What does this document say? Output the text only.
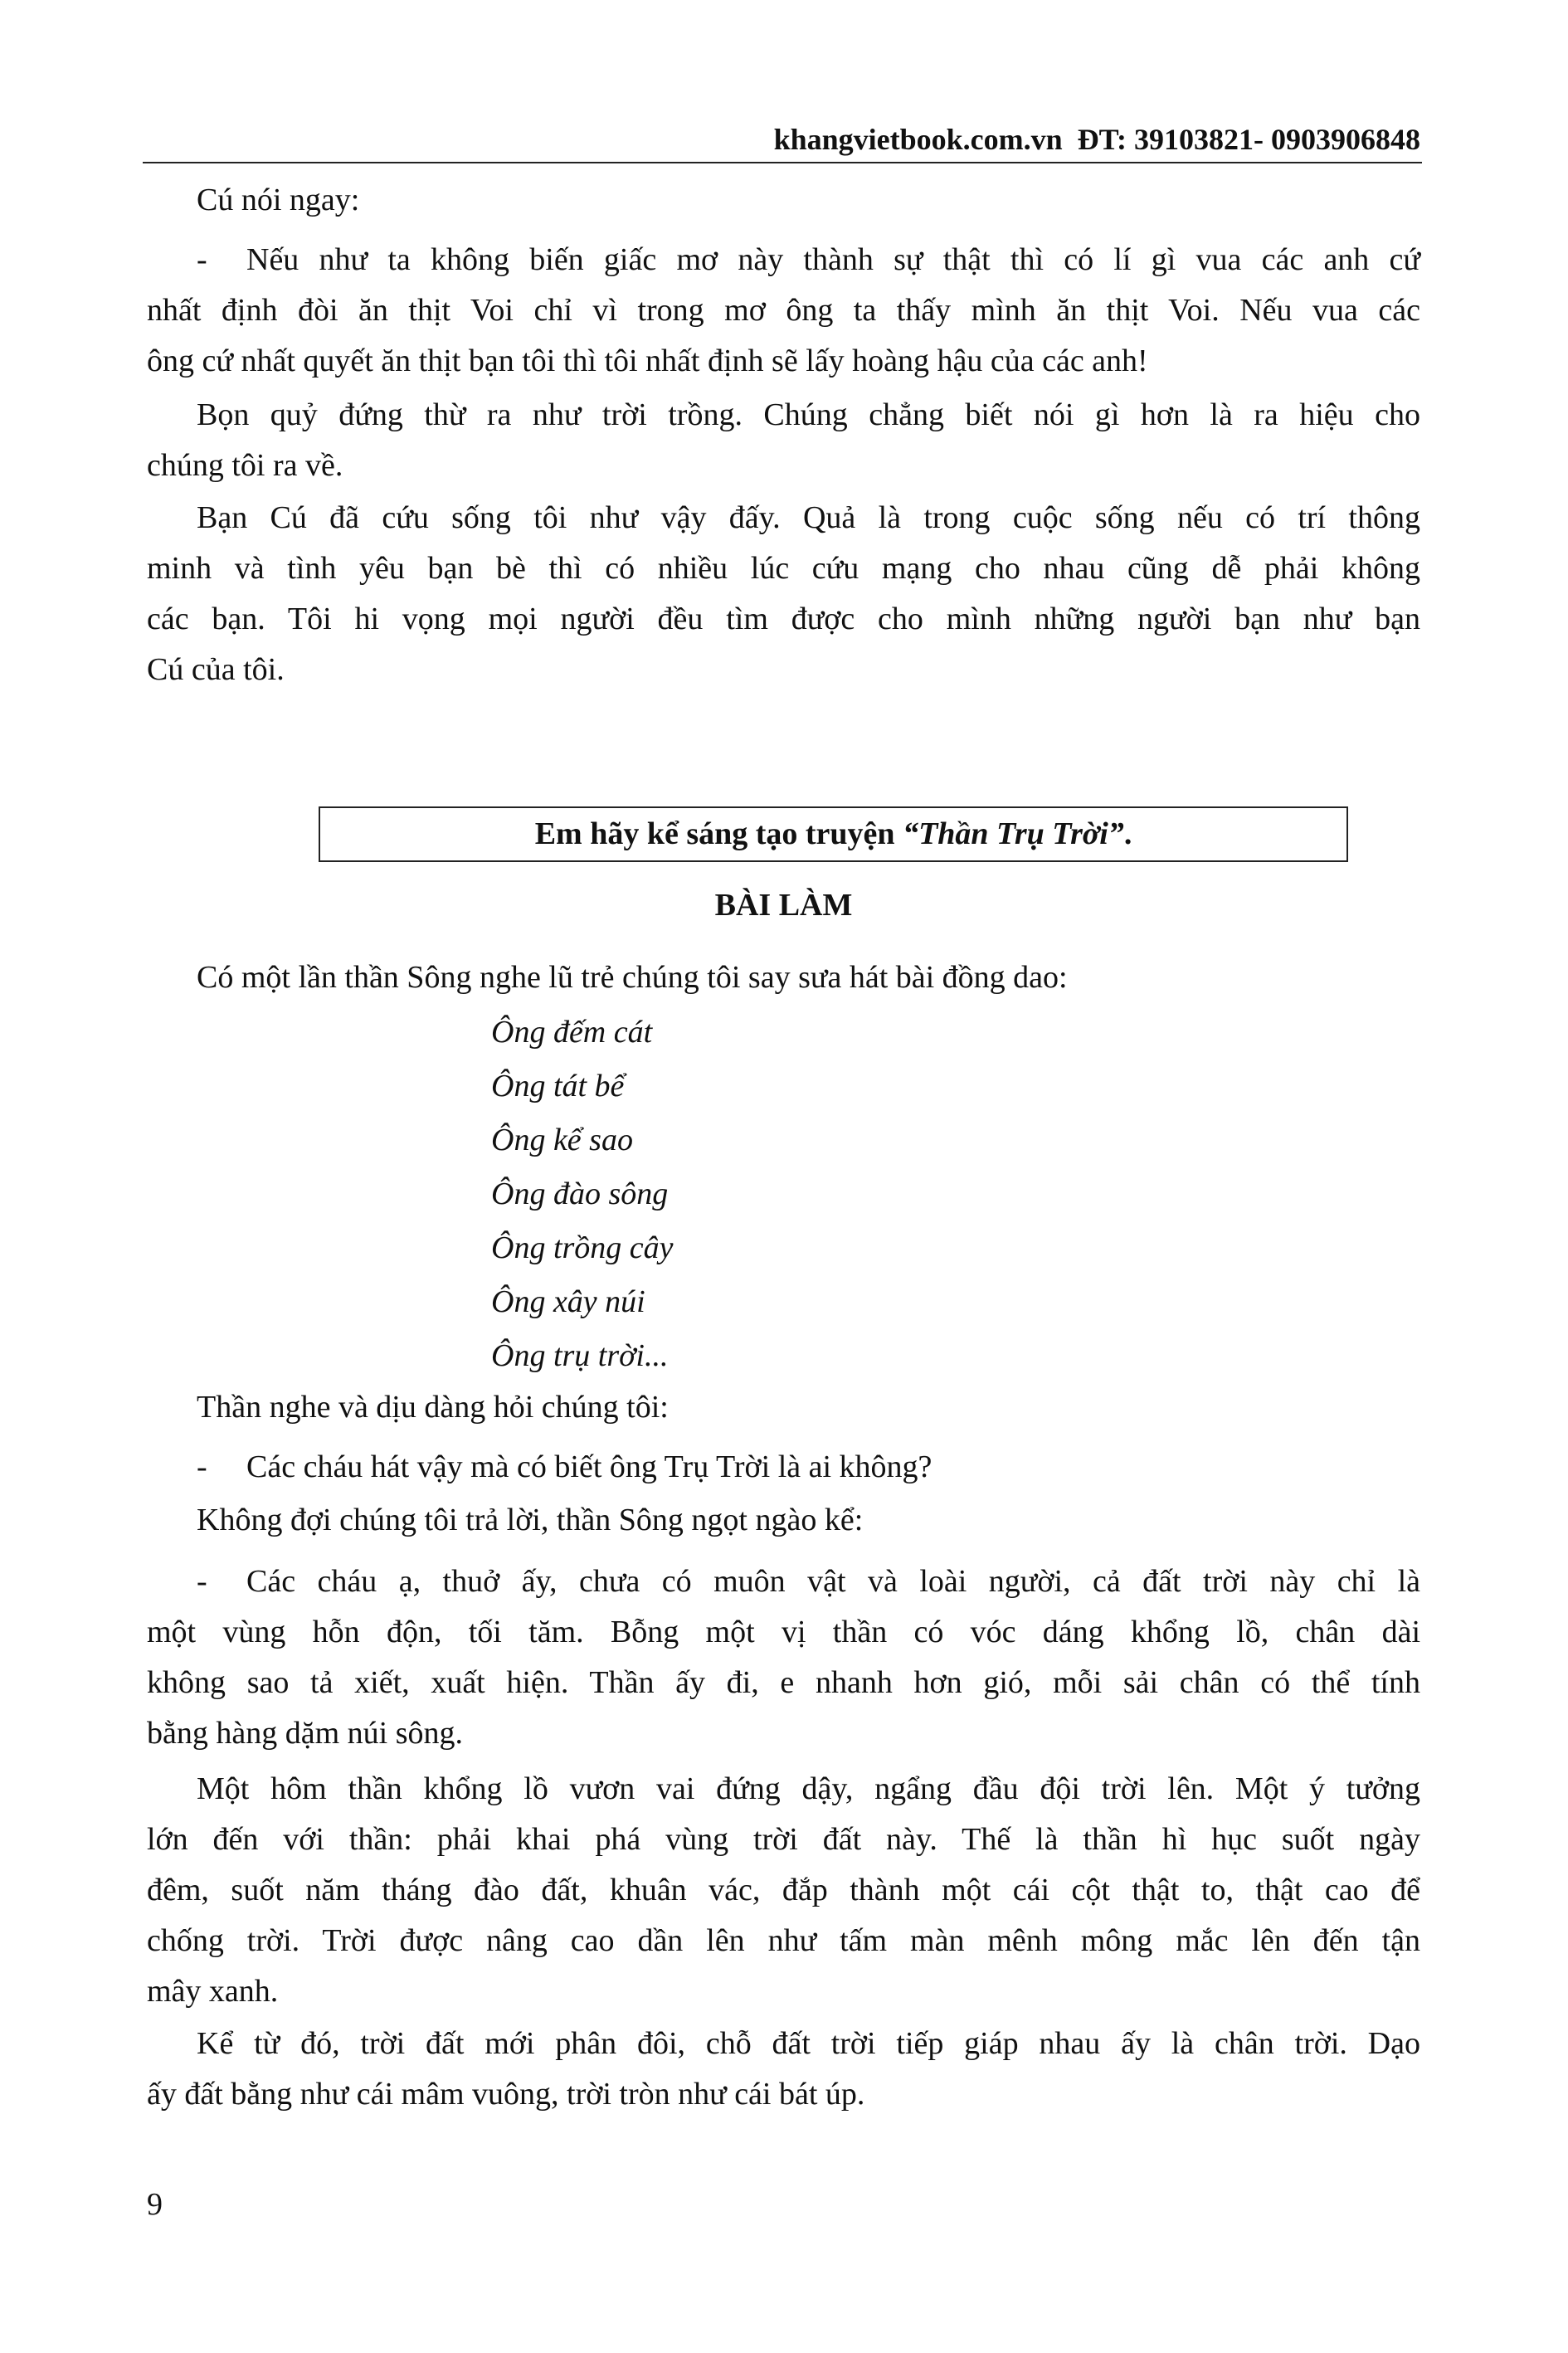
khangvietbook.com.vn ĐT: 39103821- 0903906848
Cú nói ngay:
-	Nếu như ta không biến giấc mơ này thành sự thật thì có lí gì vua các anh cứ
nhất định đòi ăn thịt Voi chỉ vì trong mơ ông ta thấy mình ăn thịt Voi. Nếu vua các
ông cứ nhất quyết ăn thịt bạn tôi thì tôi nhất định sẽ lấy hoàng hậu của các anh!
Bọn quỷ đứng thừ ra như trời trồng. Chúng chẳng biết nói gì hơn là ra hiệu cho
chúng tôi ra về.
Bạn Cú đã cứu sống tôi như vậy đấy. Quả là trong cuộc sống nếu có trí thông
minh và tình yêu bạn bè thì có nhiều lúc cứu mạng cho nhau cũng dễ phải không
các bạn. Tôi hi vọng mọi người đều tìm được cho mình những người bạn như bạn
Cú của tôi.
Em hãy kể sáng tạo truyện “Thần Trụ Trời”.
BÀI LÀM
Có một lần thần Sông nghe lũ trẻ chúng tôi say sưa hát bài đồng dao:
Ông đếm cát
Ông tát bể
Ông kể sao
Ông đào sông
Ông trồng cây
Ông xây núi
Ông trụ trời...
Thần nghe và dịu dàng hỏi chúng tôi:
-	Các cháu hát vậy mà có biết ông Trụ Trời là ai không?
Không đợi chúng tôi trả lời, thần Sông ngọt ngào kể:
-	Các cháu ạ, thuở ấy, chưa có muôn vật và loài người, cả đất trời này chỉ là
một vùng hỗn độn, tối tăm. Bỗng một vị thần có vóc dáng khổng lồ, chân dài
không sao tả xiết, xuất hiện. Thần ấy đi, e nhanh hơn gió, mỗi sải chân có thể tính
bằng hàng dặm núi sông.
Một hôm thần khổng lồ vươn vai đứng dậy, ngẩng đầu đội trời lên. Một ý tưởng
lớn đến với thần: phải khai phá vùng trời đất này. Thế là thần hì hục suốt ngày
đêm, suốt năm tháng đào đất, khuân vác, đắp thành một cái cột thật to, thật cao để
chống trời. Trời được nâng cao dần lên như tấm màn mênh mông mắc lên đến tận
mây xanh.
Kể từ đó, trời đất mới phân đôi, chỗ đất trời tiếp giáp nhau ấy là chân trời. Dạo
ấy đất bằng như cái mâm vuông, trời tròn như cái bát úp.
9
